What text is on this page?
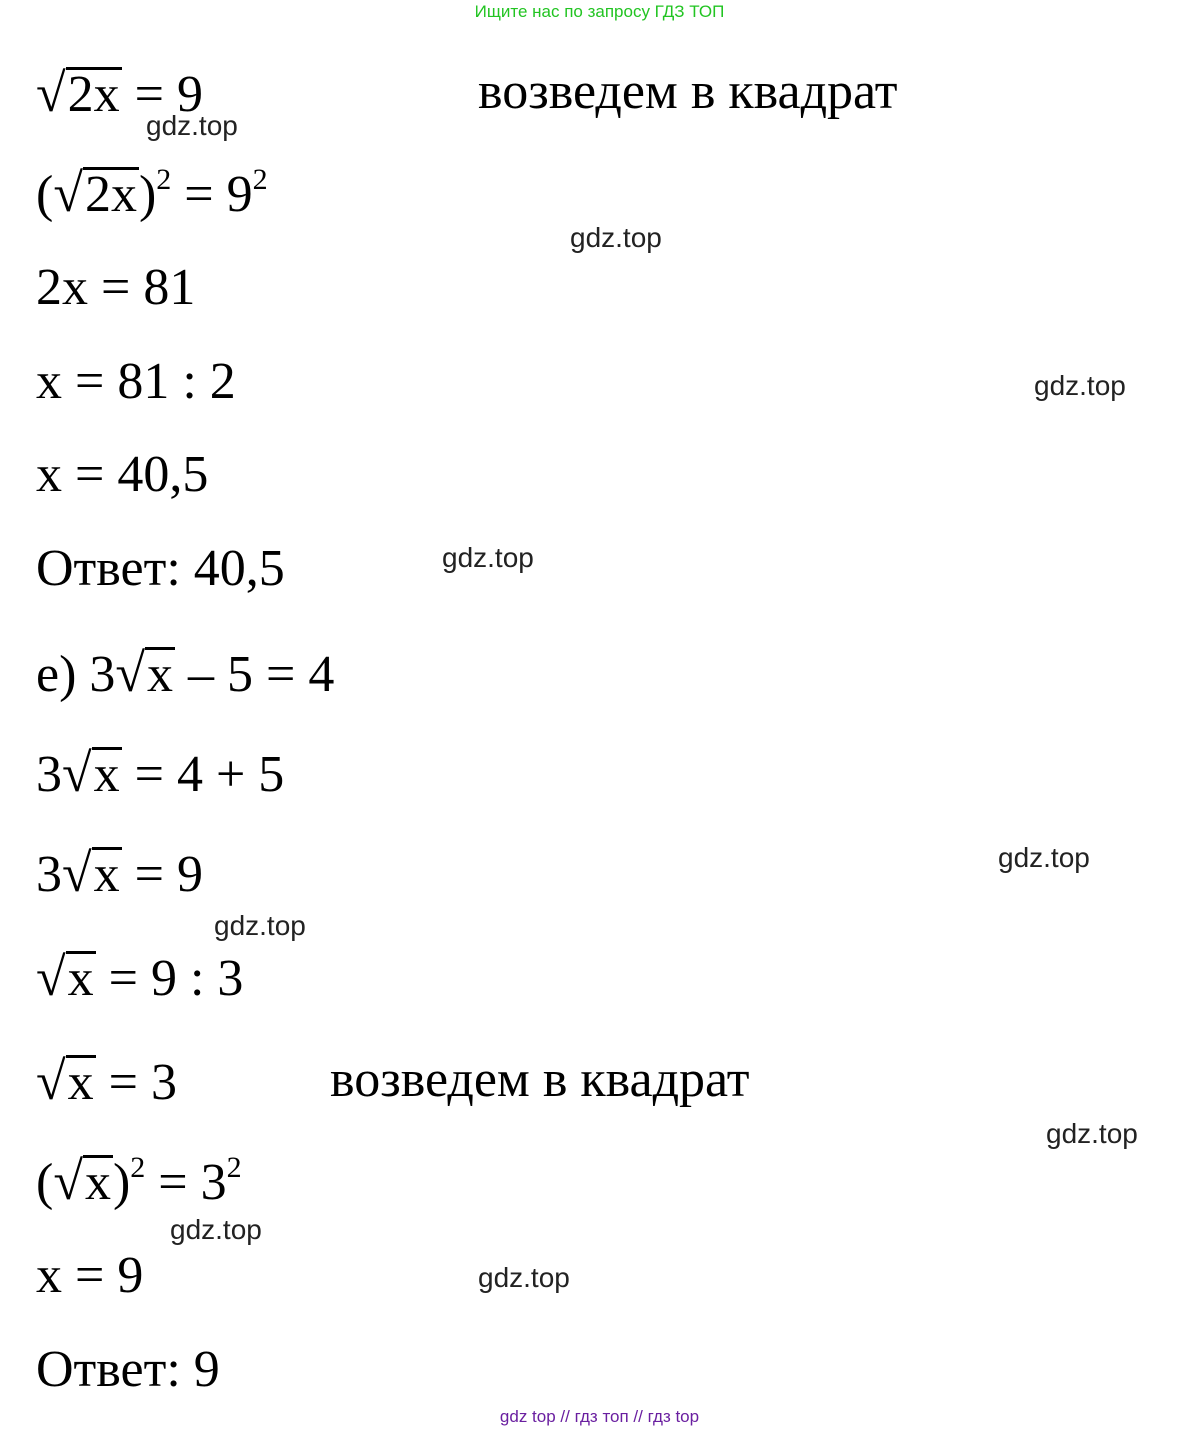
Ищите нас по запросу ГДЗ ТОП
√2x = 9	возведем в квадрат
$(√2x)^2 = 9^2$
2x = 81
x = 81 : 2
x = 40,5
Ответ: 40,5
е) 3√x – 5 = 4
3√x = 4 + 5
3√x = 9
√x = 9 : 3
√x = 3	возведем в квадрат
$(√x)^2 = 3^2$
x = 9
Ответ: 9
gdz.top
gdz.top
gdz.top
gdz.top
gdz.top
gdz.top
gdz.top
gdz.top
gdz.top
gdz top // гдз топ // гдз top
